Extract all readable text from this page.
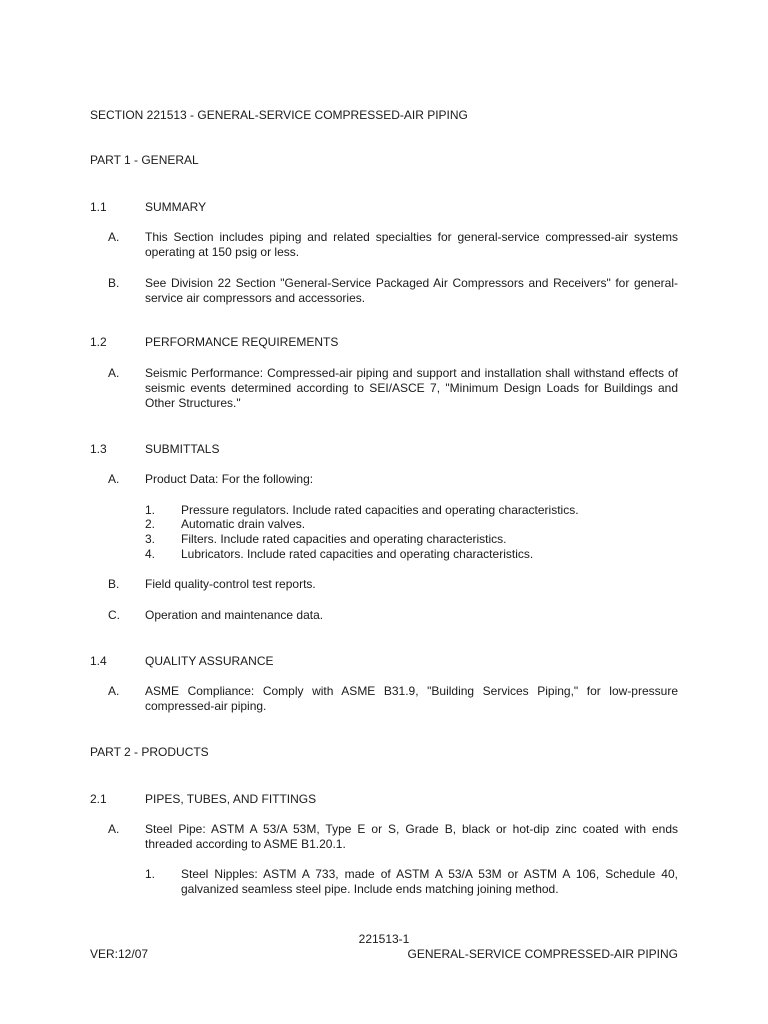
SECTION 221513 - GENERAL-SERVICE COMPRESSED-AIR PIPING
PART 1 - GENERAL
1.1	SUMMARY
A. This Section includes piping and related specialties for general-service compressed-air systems operating at 150 psig or less.
B. See Division 22 Section "General-Service Packaged Air Compressors and Receivers" for general-service air compressors and accessories.
1.2	PERFORMANCE REQUIREMENTS
A. Seismic Performance: Compressed-air piping and support and installation shall withstand effects of seismic events determined according to SEI/ASCE 7, "Minimum Design Loads for Buildings and Other Structures."
1.3	SUBMITTALS
A. Product Data: For the following:
1. Pressure regulators. Include rated capacities and operating characteristics.
2. Automatic drain valves.
3. Filters. Include rated capacities and operating characteristics.
4. Lubricators. Include rated capacities and operating characteristics.
B. Field quality-control test reports.
C. Operation and maintenance data.
1.4	QUALITY ASSURANCE
A. ASME Compliance: Comply with ASME B31.9, "Building Services Piping," for low-pressure compressed-air piping.
PART 2 - PRODUCTS
2.1	PIPES, TUBES, AND FITTINGS
A. Steel Pipe: ASTM A 53/A 53M, Type E or S, Grade B, black or hot-dip zinc coated with ends threaded according to ASME B1.20.1.
1. Steel Nipples: ASTM A 733, made of ASTM A 53/A 53M or ASTM A 106, Schedule 40, galvanized seamless steel pipe. Include ends matching joining method.
221513-1
VER:12/07	GENERAL-SERVICE COMPRESSED-AIR PIPING
